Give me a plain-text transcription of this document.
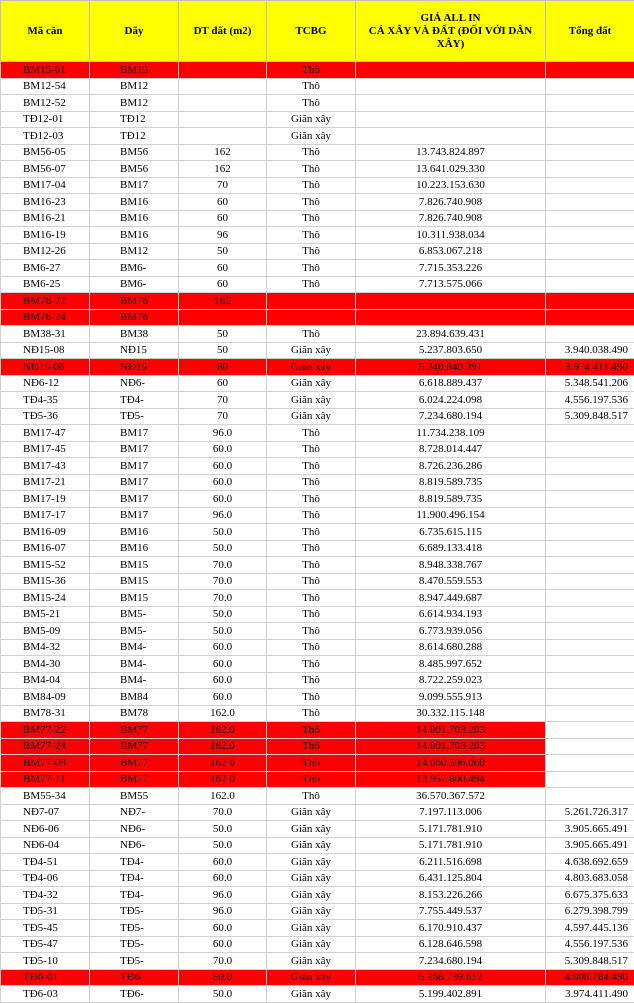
Mã căn	Dãy	DT đất (m2)	TCBG	GIÁ ALL IN
CẢ XÂY VÀ ĐẤT (ĐỐI VỚI DÂN XÂY)	Tổng đất
BM15-01	BM15		Thô		
BM12-54	BM12		Thô		
BM12-52	BM12		Thô		
TĐ12-01	TĐ12		Giãn xây		
TĐ12-03	TĐ12		Giãn xây		
BM56-05	BM56	162	Thô	13.743.824.897	
BM56-07	BM56	162	Thô	13.641.029.330	
BM17-04	BM17	70	Thô	10.223.153.630	
BM16-23	BM16	60	Thô	7.826.740.908	
BM16-21	BM16	60	Thô	7.826.740.908	
BM16-19	BM16	96	Thô	10.311.938.034	
BM12-26	BM12	50	Thô	6.853.067.218	
BM6-27	BM6-	60	Thô	7.715.353.226	
BM6-25	BM6-	60	Thô	7.713.575.066	
BM76-22	BM76	162			
BM76-24	BM76				
BM38-31	BM38	50	Thô	23.894.639.431	
NĐ15-08	NĐ15	50	Giãn xây	5.237.803.650	3.940.038.490
NĐ15-06	NĐ15	80	Giãn xây	5.240.840.391	3.974.411.490
NĐ6-12	NĐ6-	60	Giãn xây	6.618.889.437	5.348.541.206
TĐ4-35	TĐ4-	70	Giãn xây	6.024.224.098	4.556.197.536
TĐ5-36	TĐ5-	70	Giãn xây	7.234.680.194	5.309.848.517
BM17-47	BM17	96.0	Thô	11.734.238.109	
BM17-45	BM17	60.0	Thô	8.728.014.447	
BM17-43	BM17	60.0	Thô	8.726.236.286	
BM17-21	BM17	60.0	Thô	8.819.589.735	
BM17-19	BM17	60.0	Thô	8.819.589.735	
BM17-17	BM17	96.0	Thô	11.900.496.154	
BM16-09	BM16	50.0	Thô	6.735.615.115	
BM16-07	BM16	50.0	Thô	6.689.133.418	
BM15-52	BM15	70.0	Thô	8.948.338.767	
BM15-36	BM15	70.0	Thô	8.470.559.553	
BM15-24	BM15	70.0	Thô	8.947.449.687	
BM5-21	BM5-	50.0	Thô	6.614.934.193	
BM5-09	BM5-	50.0	Thô	6.773.939.056	
BM4-32	BM4-	60.0	Thô	8.614.680.288	
BM4-30	BM4-	60.0	Thô	8.485.997.652	
BM4-04	BM4-	60.0	Thô	8.722.259.023	
BM84-09	BM84	60.0	Thô	9.099.555.913	
BM78-31	BM78	162.0	Thô	30.332.115.148	
BM77-22	BM77	162.0	Thô	14.001.703.203	
BM77-24	BM77	162.0	Thô	14.001.703.203	
BM77-09	BM77	162.0	Thô	14.060.596.060	
BM77-11	BM77	162.0	Thô	13.957.800.494	
BM55-34	BM55	162.0	Thô	36.570.367.572	
NĐ7-07	NĐ7-	70.0	Giãn xây	7.197.113.006	5.261.726.317
NĐ6-06	NĐ6-	50.0	Giãn xây	5.171.781.910	3.905.665.491
NĐ6-04	NĐ6-	50.0	Giãn xây	5.171.781.910	3.905.665.491
TĐ4-51	TĐ4-	60.0	Giãn xây	6.211.516.698	4.638.692.659
TĐ4-06	TĐ4-	60.0	Giãn xây	6.431.125.804	4.803.683.058
TĐ4-32	TĐ4-	96.0	Giãn xây	8.153.226.266	6.675.375.633
TĐ5-31	TĐ5-	96.0	Giãn xây	7.755.449.537	6.279.398.799
TĐ5-45	TĐ5-	60.0	Giãn xây	6.170.910.437	4.597.445.136
TĐ5-47	TĐ5-	60.0	Giãn xây	6.128.646.598	4.556.197.536
TĐ5-10	TĐ5-	70.0	Giãn xây	7.234.680.194	5.309.848.517
TĐ6-01	TĐ6-	50.0	Giãn xây	5.268.739.632	4.008.784.490
TĐ6-03	TĐ6-	50.0	Giãn xây	5.199.402.891	3.974.411.490
